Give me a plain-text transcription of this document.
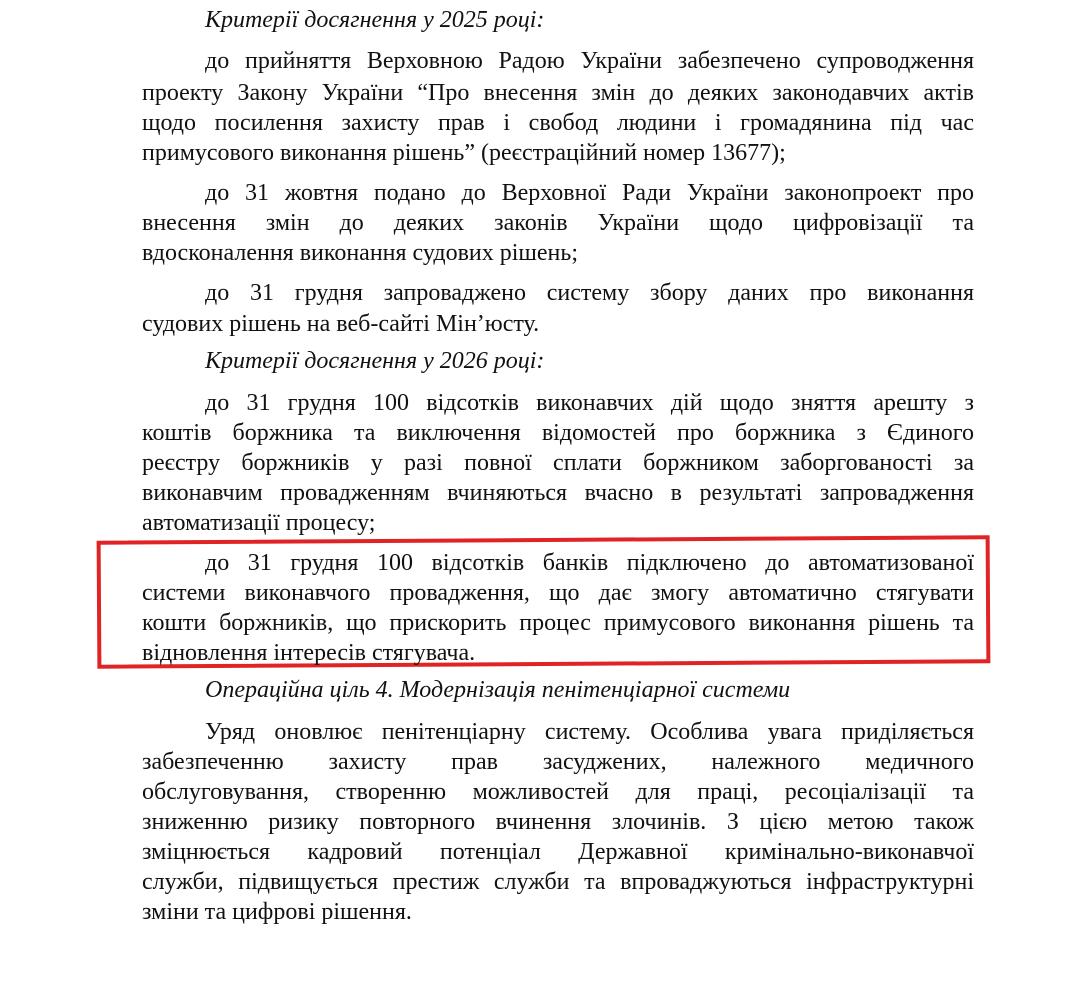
Критерії досягнення у 2025 році:
до прийняття Верховною Радою України забезпечено супроводження
проекту Закону України “Про внесення змін до деяких законодавчих актів
щодо посилення захисту прав і свобод людини і громадянина під час
примусового виконання рішень” (реєстраційний номер 13677);
до 31 жовтня подано до Верховної Ради України законопроект про
внесення змін до деяких законів України щодо цифровізації та
вдосконалення виконання судових рішень;
до 31 грудня запроваджено систему збору даних про виконання
судових рішень на веб-сайті Мін’юсту.
Критерії досягнення у 2026 році:
до 31 грудня 100 відсотків виконавчих дій щодо зняття арешту з
коштів боржника та виключення відомостей про боржника з Єдиного
реєстру боржників у разі повної сплати боржником заборгованості за
виконавчим провадженням вчиняються вчасно в результаті запровадження
автоматизації процесу;
до 31 грудня 100 відсотків банків підключено до автоматизованої
системи виконавчого провадження, що дає змогу автоматично стягувати
кошти боржників, що прискорить процес примусового виконання рішень та
відновлення інтересів стягувача.
Операційна ціль 4. Модернізація пенітенціарної системи
Уряд оновлює пенітенціарну систему. Особлива увага приділяється
забезпеченню захисту прав засуджених, належного медичного
обслуговування, створенню можливостей для праці, ресоціалізації та
зниженню ризику повторного вчинення злочинів. З цією метою також
зміцнюється кадровий потенціал Державної кримінально-виконавчої
служби, підвищується престиж служби та впроваджуються інфраструктурні
зміни та цифрові рішення.
